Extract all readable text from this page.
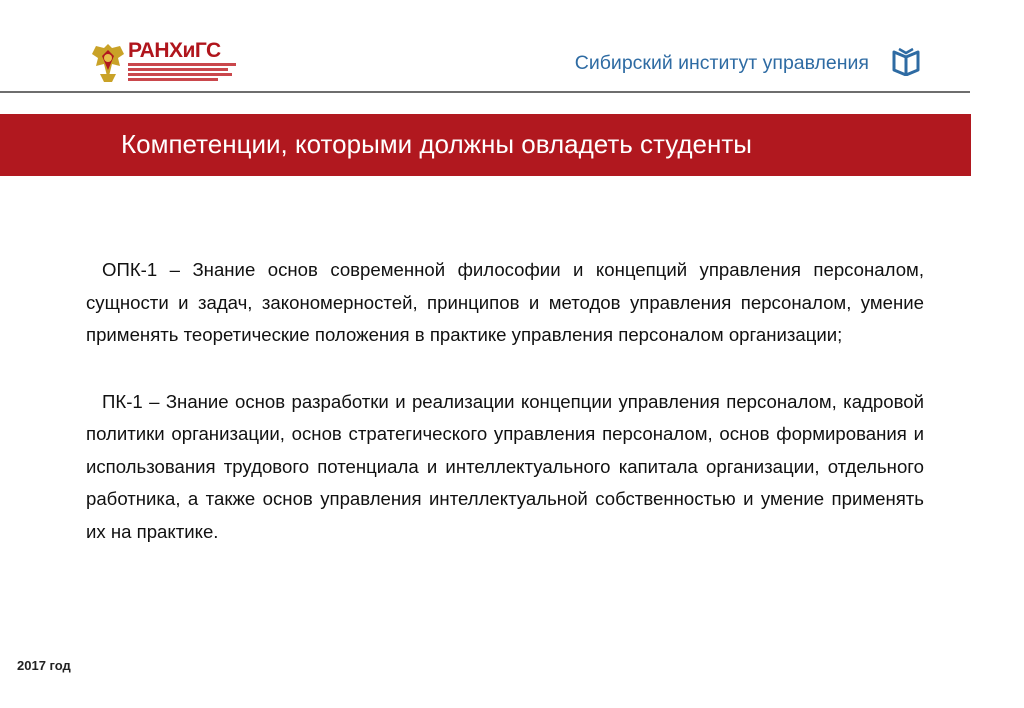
РАНХиГС
Сибирский институт управления
Компетенции, которыми должны овладеть студенты

ОПК-1 – Знание основ современной философии и концепций управления персоналом, сущности и задач, закономерностей, принципов и методов управления персоналом, умение применять теоретические положения в практике управления персоналом организации;

ПК-1 – Знание основ разработки и реализации концепции управления персоналом, кадровой политики организации, основ стратегического управления персоналом, основ формирования и использования трудового потенциала и интеллектуального капитала организации, отдельного работника, а также основ управления интеллектуальной собственностью и умение применять их на практике.

2017 год
